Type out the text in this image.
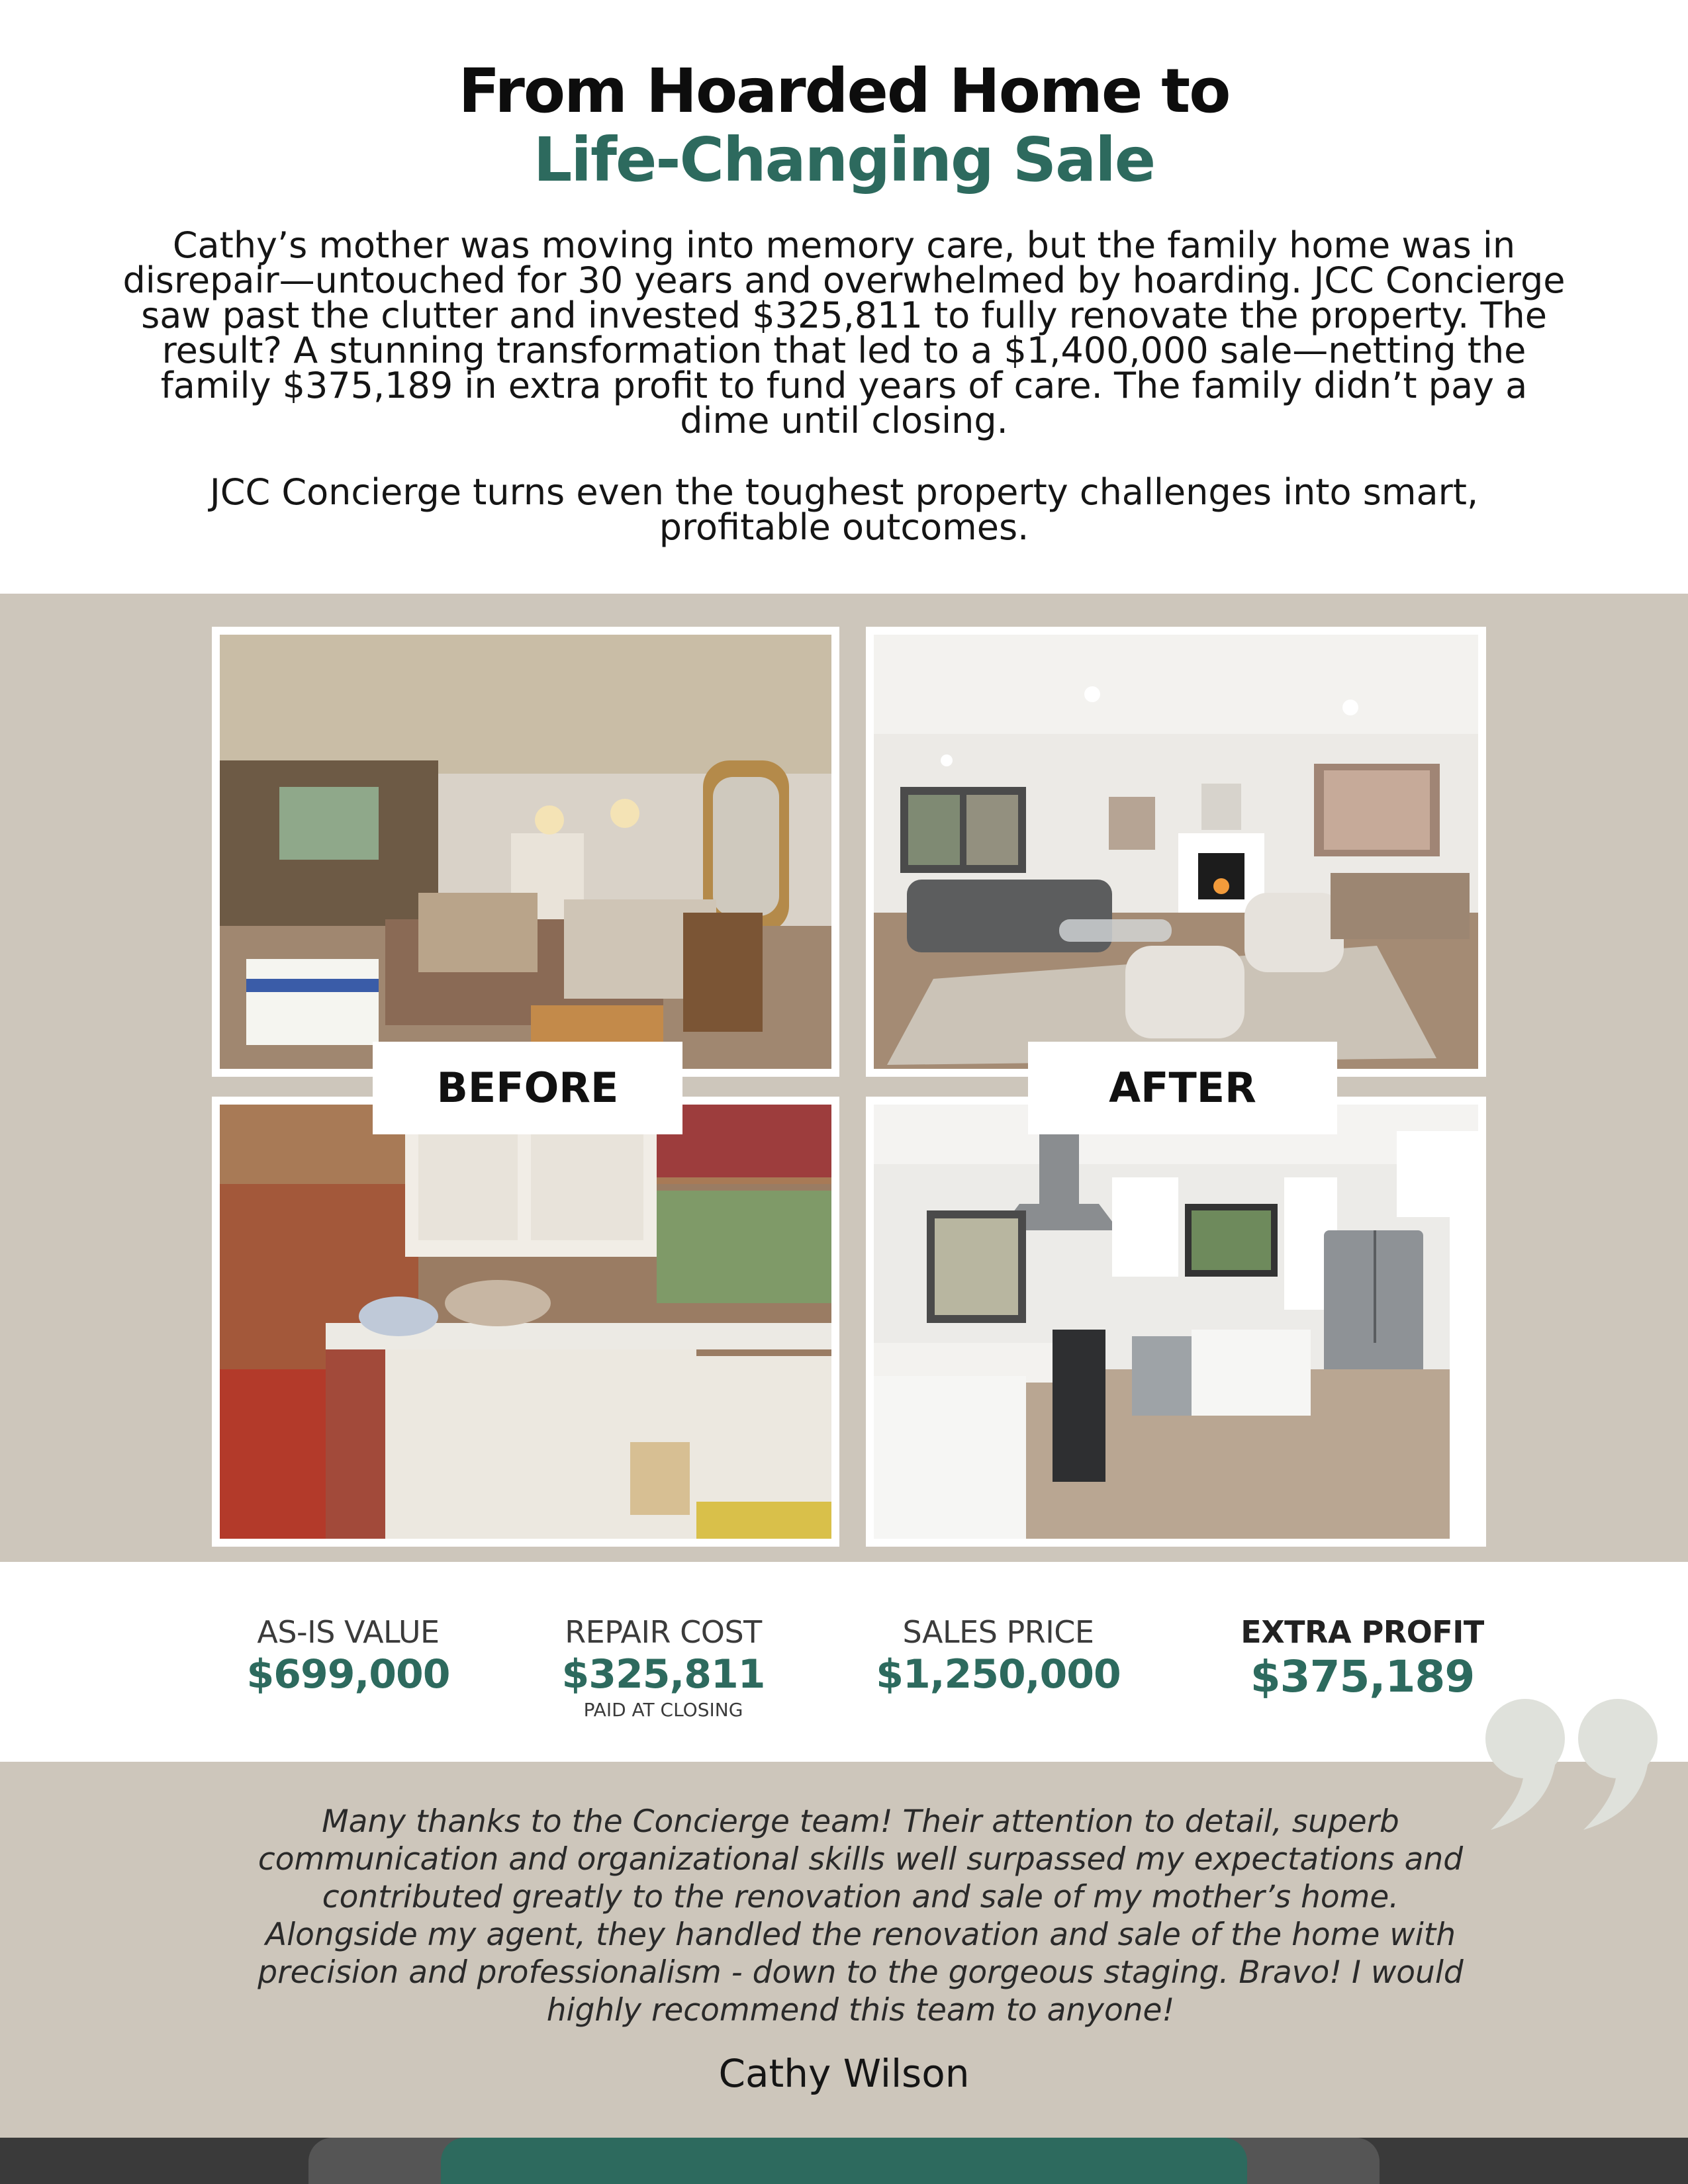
From Hoarded Home to
Life-Changing Sale

Cathy’s mother was moving into memory care, but the family home was in disrepair—untouched for 30 years and overwhelmed by hoarding. JCC Concierge saw past the clutter and invested $325,811 to fully renovate the property. The result? A stunning transformation that led to a $1,400,000 sale—netting the family $375,189 in extra profit to fund years of care. The family didn’t pay a dime until closing.

JCC Concierge turns even the toughest property challenges into smart, profitable outcomes.

BEFORE	AFTER
AS-IS VALUE
$699,000
REPAIR COST
$325,811
PAID AT CLOSING
SALES PRICE
$1,250,000
EXTRA PROFIT
$375,189

Many thanks to the Concierge team! Their attention to detail, superb communication and organizational skills well surpassed my expectations and contributed greatly to the renovation and sale of my mother’s home. Alongside my agent, they handled the renovation and sale of the home with precision and professionalism - down to the gorgeous staging. Bravo! I would highly recommend this team to anyone!

Cathy Wilson
